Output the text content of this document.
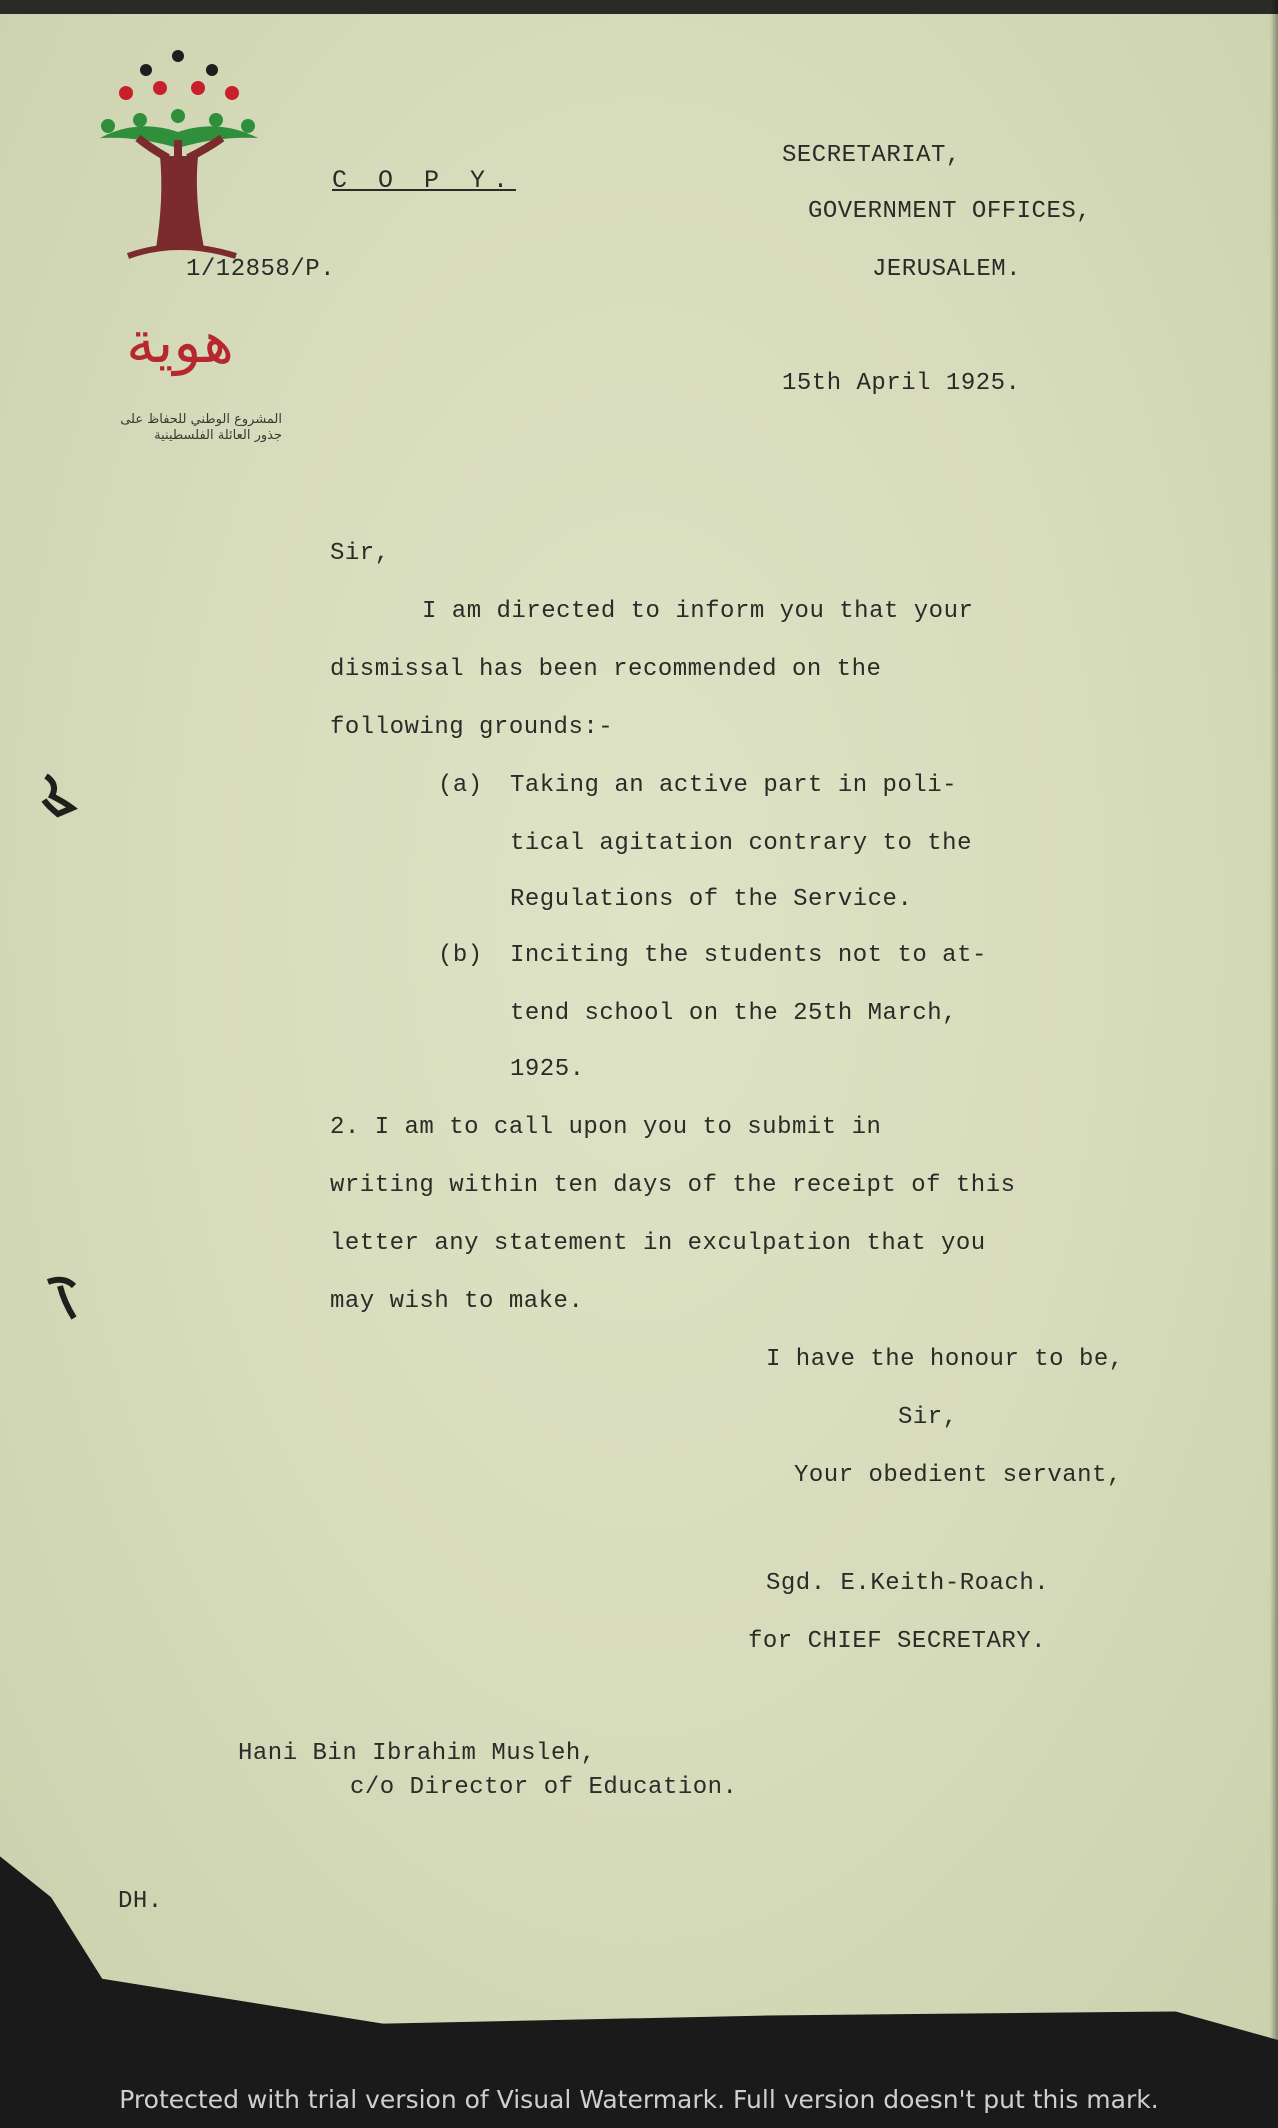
هوية
المشروع الوطني للحفاظ على
جذور العائلة الفلسطينية
C O P Y.
1/12858/P.
SECRETARIAT,
GOVERNMENT OFFICES,
JERUSALEM.
15th April 1925.
Sir,
I am directed to inform you that your
dismissal has been recommended on the
following grounds:-
(a) Taking an active part in poli-
tical agitation contrary to the
Regulations of the Service.
(b) Inciting the students not to at-
tend school on the 25th March,
1925.
2. I am to call upon you to submit in
writing within ten days of the receipt of this
letter any statement in exculpation that you
may wish to make.
I have the honour to be,
Sir,
Your obedient servant,
Sgd. E.Keith-Roach.
for CHIEF SECRETARY.
Hani Bin Ibrahim Musleh,
c/o Director of Education.
DH.
Protected with trial version of Visual Watermark. Full version doesn't put this mark.
